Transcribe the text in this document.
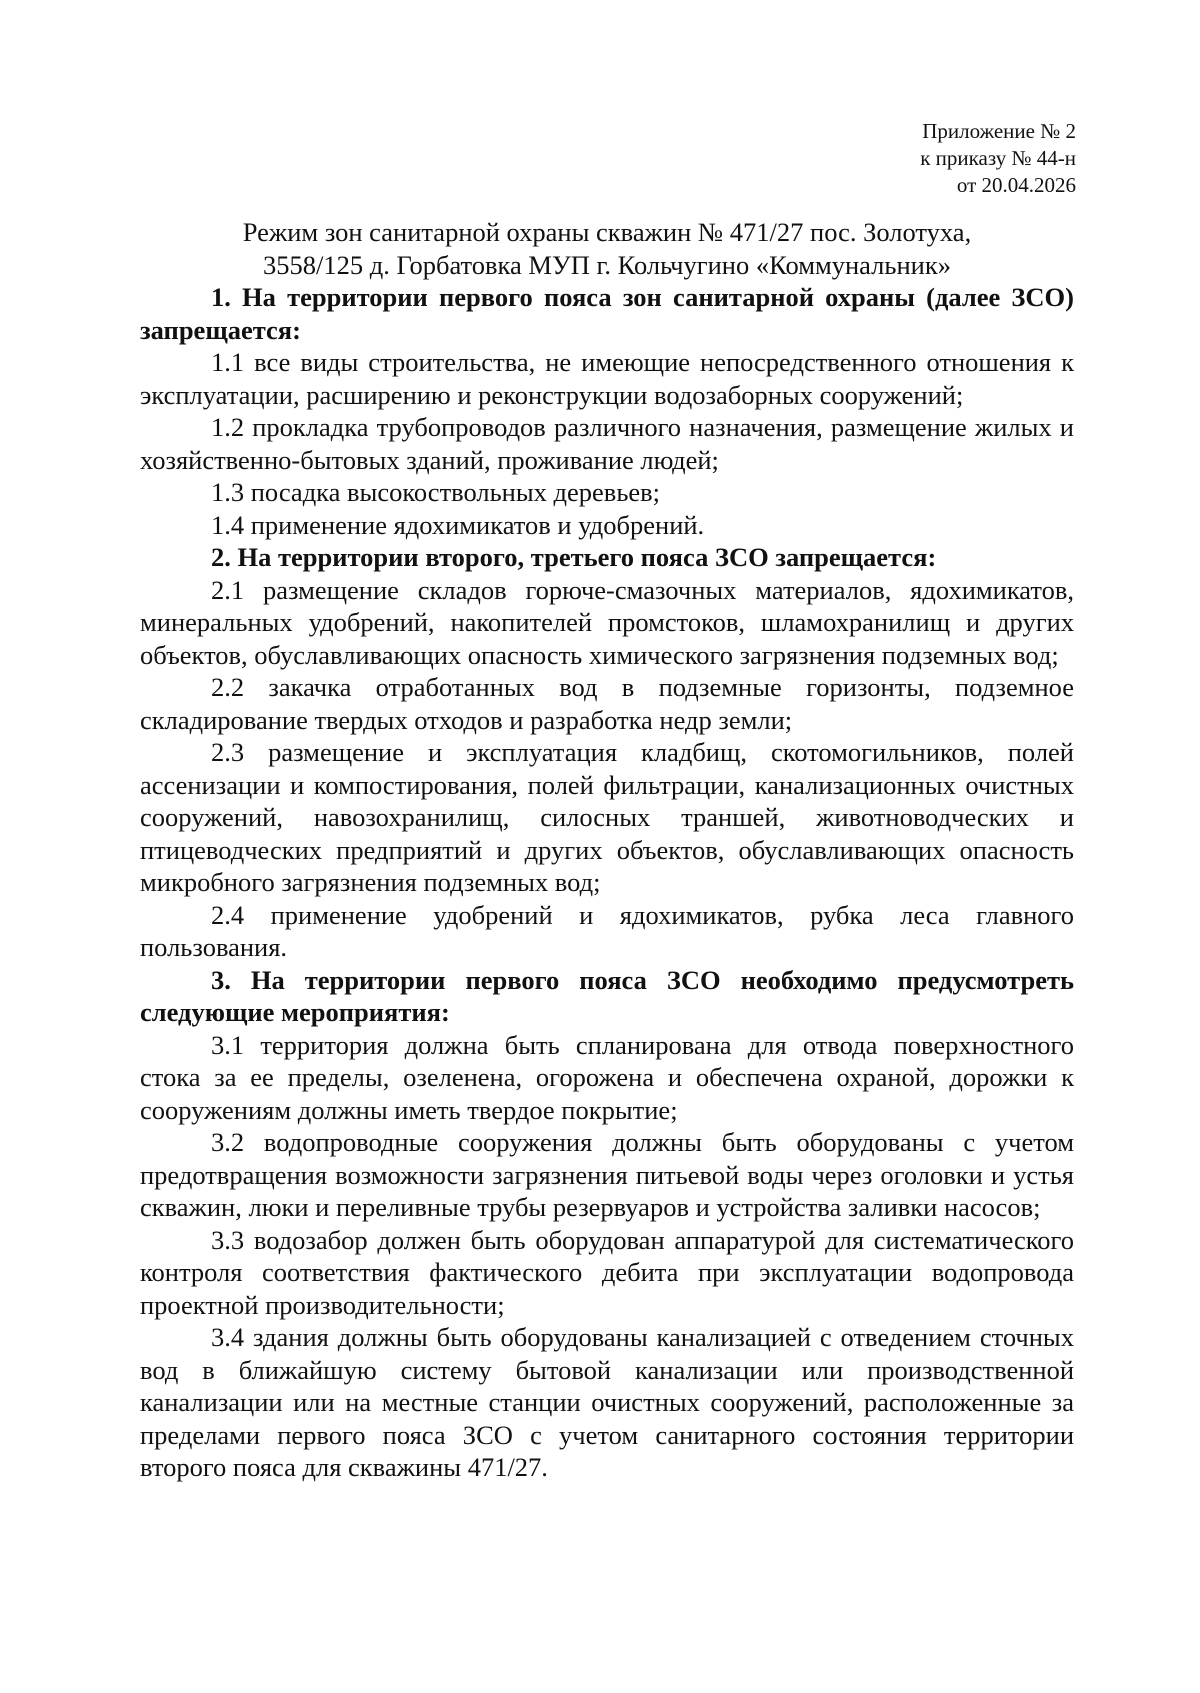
Приложение № 2
к приказу № 44-н
от 20.04.2026
Режим зон санитарной охраны скважин № 471/27 пос. Золотуха,
3558/125 д. Горбатовка МУП г. Кольчугино «Коммунальник»

1. На территории первого пояса зон санитарной охраны (далее ЗСО) запрещается:

1.1 все виды строительства, не имеющие непосредственного отношения к эксплуатации, расширению и реконструкции водозаборных сооружений;

1.2 прокладка трубопроводов различного назначения, размещение жилых и хозяйственно-бытовых зданий, проживание людей;

1.3 посадка высокоствольных деревьев;

1.4 применение ядохимикатов и удобрений.

2. На территории второго, третьего пояса ЗСО запрещается:

2.1 размещение складов горюче-смазочных материалов, ядохимикатов, минеральных удобрений, накопителей промстоков, шламохранилищ и других объектов, обуславливающих опасность химического загрязнения подземных вод;

2.2 закачка отработанных вод в подземные горизонты, подземное складирование твердых отходов и разработка недр земли;

2.3 размещение и эксплуатация кладбищ, скотомогильников, полей ассенизации и компостирования, полей фильтрации, канализационных очистных сооружений, навозохранилищ, силосных траншей, животноводческих и птицеводческих предприятий и других объектов, обуславливающих опасность микробного загрязнения подземных вод;

2.4 применение удобрений и ядохимикатов, рубка леса главного пользования.

3. На территории первого пояса ЗСО необходимо предусмотреть следующие мероприятия:

3.1 территория должна быть спланирована для отвода поверхностного стока за ее пределы, озеленена, огорожена и обеспечена охраной, дорожки к сооружениям должны иметь твердое покрытие;

3.2 водопроводные сооружения должны быть оборудованы с учетом предотвращения возможности загрязнения питьевой воды через оголовки и устья скважин, люки и переливные трубы резервуаров и устройства заливки насосов;

3.3 водозабор должен быть оборудован аппаратурой для систематического контроля соответствия фактического дебита при эксплуатации водопровода проектной производительности;

3.4 здания должны быть оборудованы канализацией с отведением сточных вод в ближайшую систему бытовой канализации или производственной канализации или на местные станции очистных сооружений, расположенные за пределами первого пояса ЗСО с учетом санитарного состояния территории второго пояса для скважины 471/27.
